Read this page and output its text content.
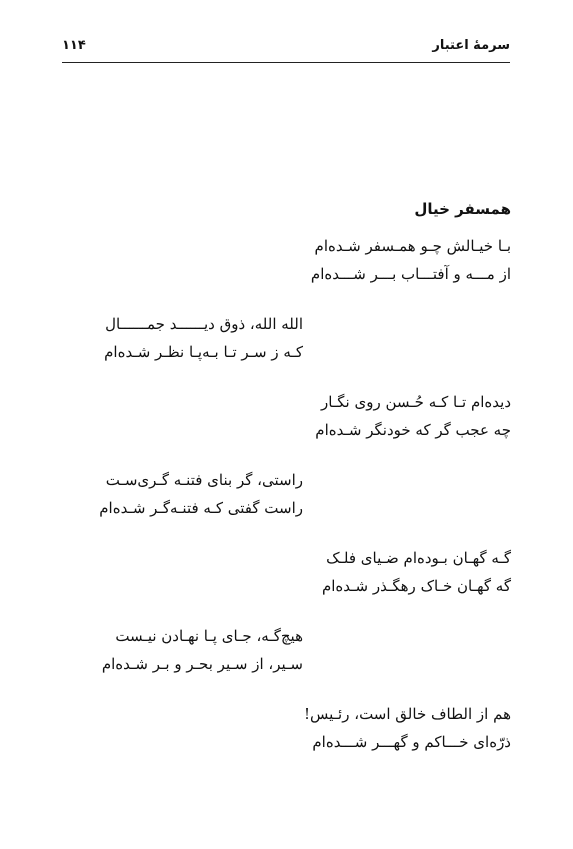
سرمهٔ اعتبار
۱۱۴
همسفر خیال
بـا خیـالش چـو همـسفر شـده‌ام
از مـــه و آفتـــاب بـــر شـــده‌ام
الله الله، ذوق دیــــــد جمــــــال
کـه ز سـر تـا بـه‌پـا نظـر شـده‌ام
دیده‌ام تـا کـه حُـسن روی نگـار
چه عجب گر که خودنگر شـده‌ام
راستی، گر بنای فتنـه گـری‌سـت
راست گفتی کـه فتنـه‌گـر شـده‌ام
گـه گهـان بـوده‌ام ضـیای فلـک
گه گهـان خـاک رهگـذر شـده‌ام
هیچ‌گـه، جـای پـا نهـادن نیـست
سـیر، از سـیر بحـر و بـر شـده‌ام
هم از الطاف خالق است، رئـیس!
ذرّه‌ای خـــاکم و گهـــر شـــده‌ام
